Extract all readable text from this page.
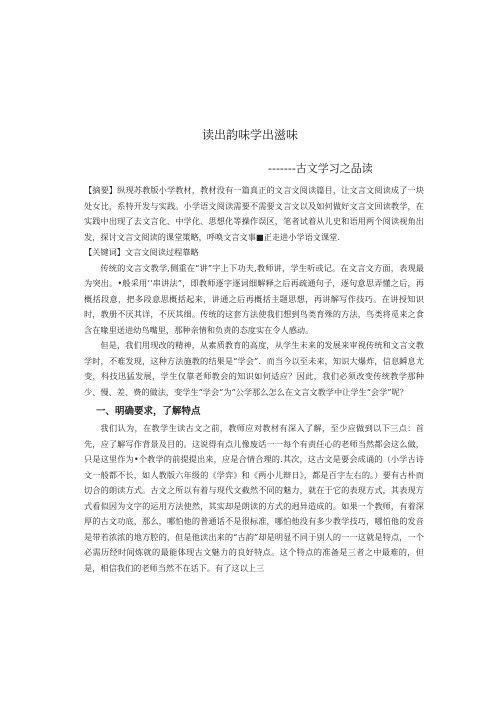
读出韵味学出滋味
-------古文学习之品读

【摘要】纵现苏教版小学教材，教材没有一篇真正的文言文阅读篇目，让文言文阅读成了一块处女比，系特开发与实践。小学语文阅读需要不需要文言文以及如何做好文言文回读教学，在实践中出现了去文言化、中学化、思想化等操作误区，笔者试着从儿史和语用两个阅读视角出发，探讨文言文阅读的课堂策略，呼唤文言文事■正走进小学语文课堂.

【关键词】文言文阅读过程靠略

传统的文言文教学,侧重在“讲”字上下功夫,教师讲，学生听或记。在文言文方面，表现最为突出。•般采用’‘串讲法”，即教师逐字逐词细解释之后再疏通句子，逐句意思弄懂之后，再概括段意，把多段意思概括起来，讲通之后再概括主题思想，再讲解写作技巧。在讲授知识时，教册不厌其详，不厌其细。传统的这套方法使我们想到鸟类育殊的方法，鸟类将觅来之食含在喙里送进幼鸟嘴里，那种亲情和负责的态度实在令人感动。

但是，我们用现改的精神，从素质教育的高度，从学生未来的发展来审视传统和文言文教学时，不难发现，这种方法施教的结果是“学会”．而当今以至未来，知识大爆炸，信息瞬息尤变，科技迅猛发展，学生仅靠老师教会的知识如何适应？因此，我们必须改变传统教学那种少、慢、差、费的做法，变学生“学会”为“公学那么怎么在文言文教学中让学生“会学”呢？

一、明确要求，了解特点

我们认为，在教学生读古文之前，教师应对教材有深入了解，至少应做到以下三点：首先，应了解写作背景及目的。这说得有点儿像废话一一每个有责任心的老师当然都会这么做，只是这里作为•个教学的前提提出来，应是合情合理的.其次，这古文是要会成诵的（小学古诗文一般都不长，如人教版六年级的《学弈》和《两小儿辩日》，都是百字左右的。）要有古朴而切合的朗读方式。古文之所以有着与现代文截然不同的魅力，就在于它的表现方式，其表现方式看似因为文字的运用方法使然，其实却是朗读的方式的迥异造成的。如果一个教师，有着深厚的古文功底，那么，哪怕他的普通话不是很标准，哪怕他没有多少教学技巧，哪怕他的发音是带若浓浓的地方腔的，但是他读出来的“古韵”却是明显不同于别人的一一这就是特点，一个必需历经时间炼就的最能体现古文魅力的良好特点。这个特点的准备是三者之中最难的，但是，相信我们的老师当然不在话下。有了这以上三
